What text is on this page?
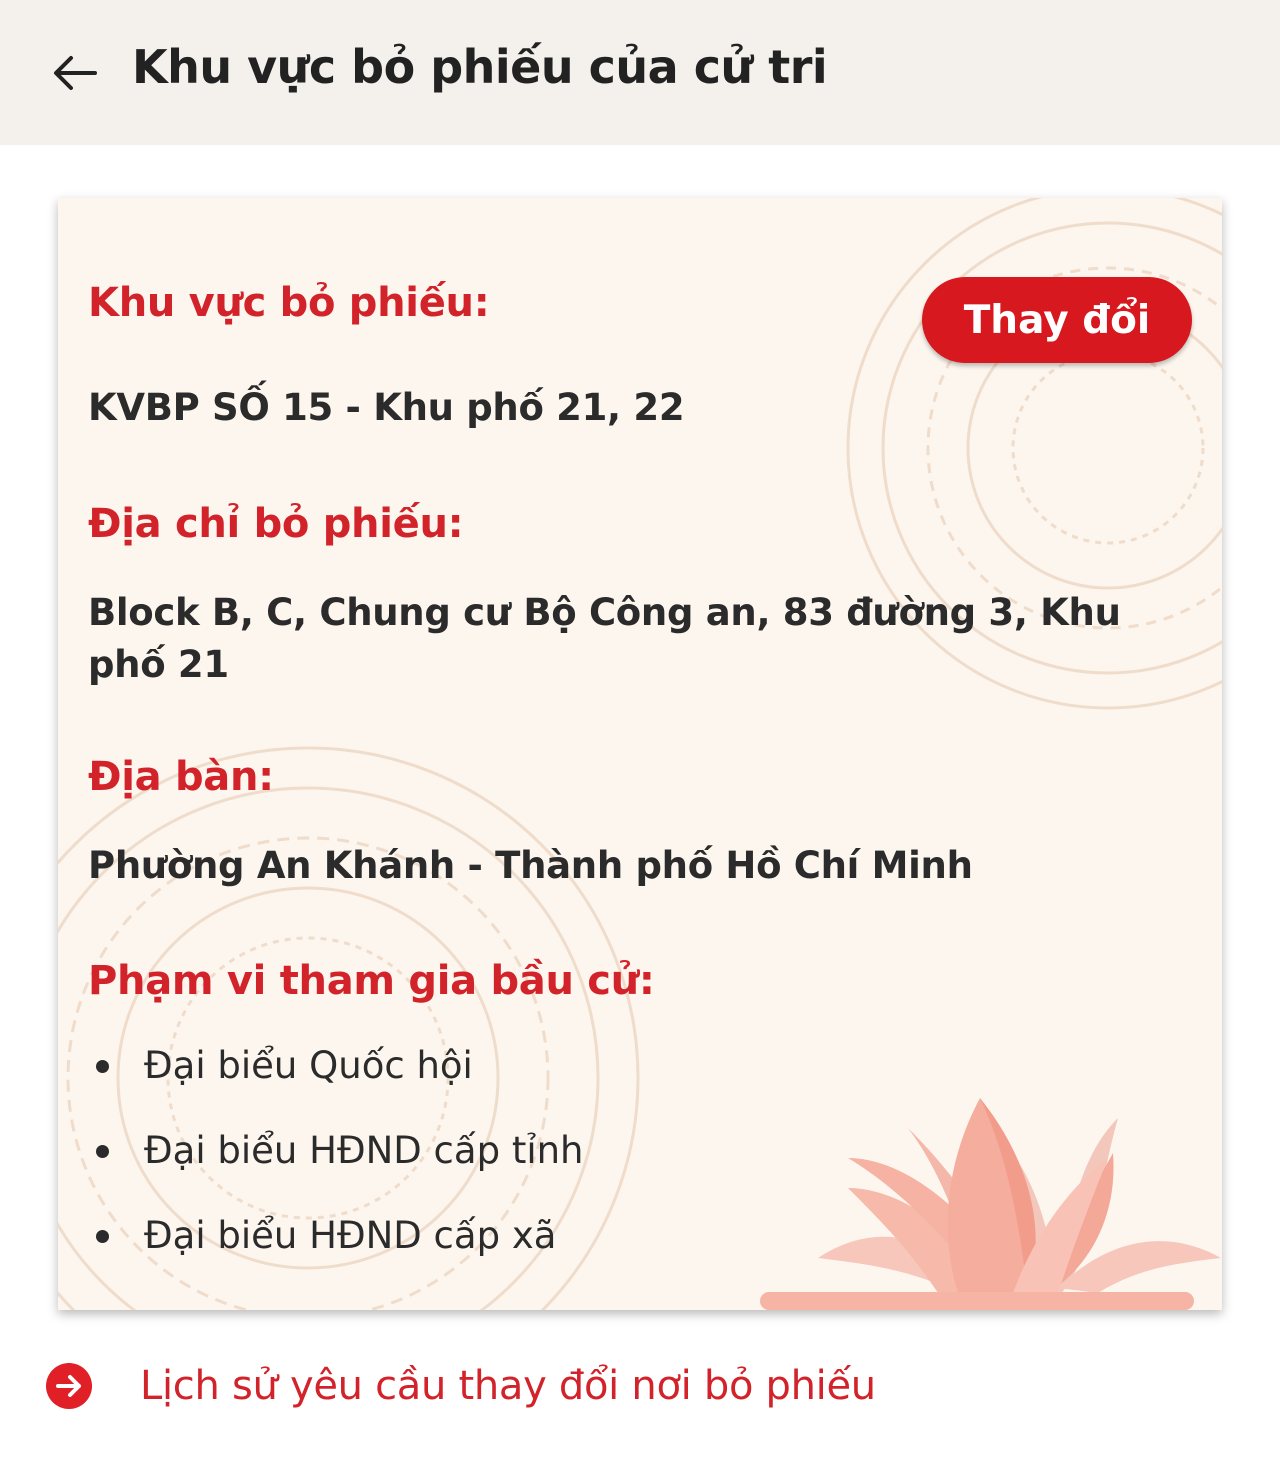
Khu vực bỏ phiếu của cử tri
Khu vực bỏ phiếu:	Thay đổi
KVBP SỐ 15 - Khu phố 21, 22
Địa chỉ bỏ phiếu:
Block B, C, Chung cư Bộ Công an, 83 đường 3, Khu phố 21
Địa bàn:
Phường An Khánh - Thành phố Hồ Chí Minh
Phạm vi tham gia bầu cử:
Đại biểu Quốc hội
Đại biểu HĐND cấp tỉnh
Đại biểu HĐND cấp xã
Lịch sử yêu cầu thay đổi nơi bỏ phiếu
